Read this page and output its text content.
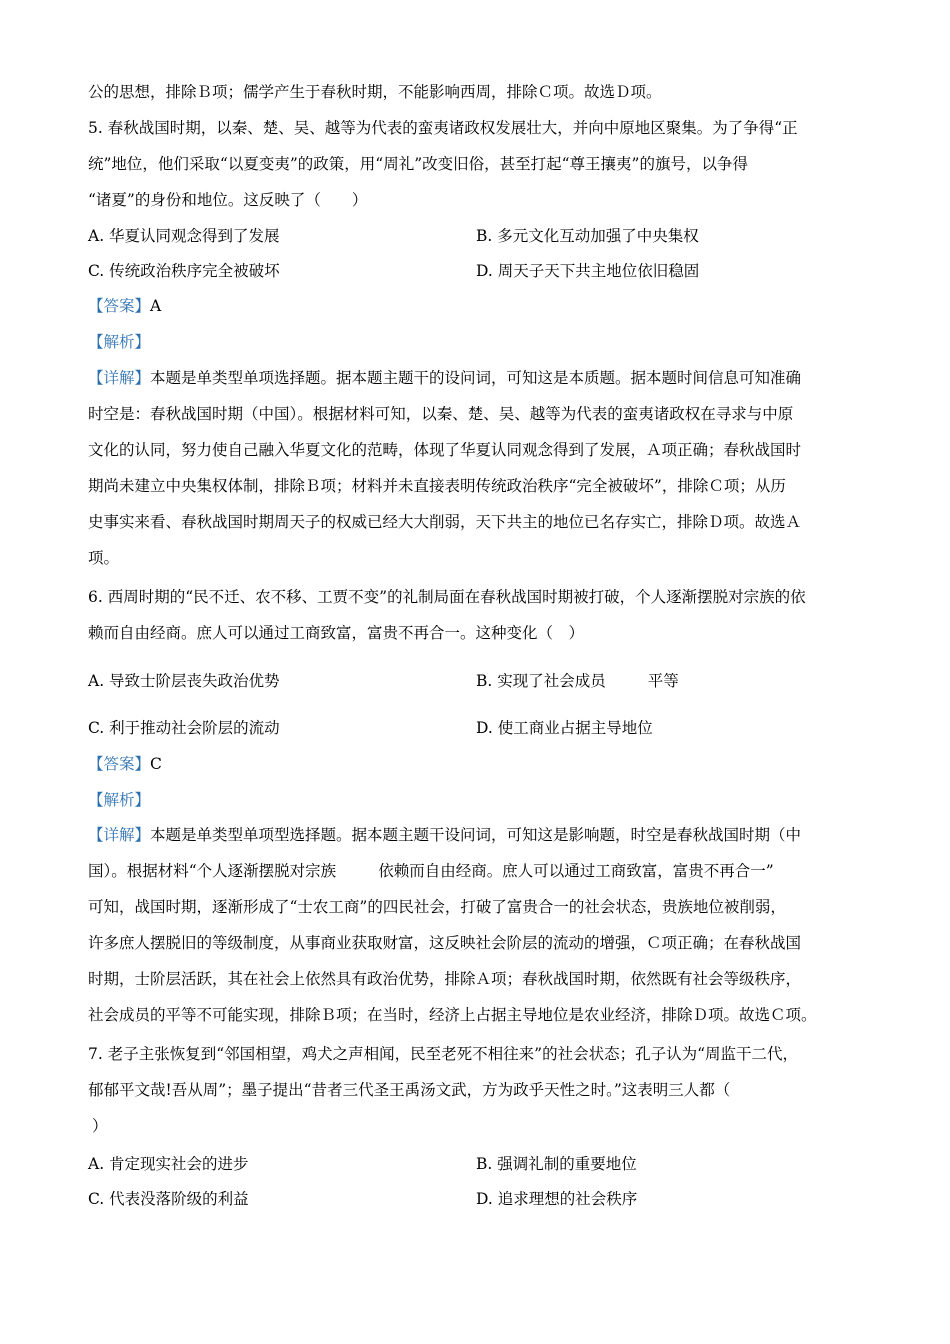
公的思想，排除Ｂ项；儒学产生于春秋时期，不能影响西周，排除Ｃ项。故选Ｄ项。
5. 春秋战国时期，以秦、楚、吴、越等为代表的蛮夷诸政权发展壮大，并向中原地区聚集。为了争得“正
统”地位，他们采取“以夏变夷”的政策，用“周礼”改变旧俗，甚至打起“尊王攘夷”的旗号，以争得
“诸夏”的身份和地位。这反映了（　　）
A. 华夏认同观念得到了发展	B. 多元文化互动加强了中央集权
C. 传统政治秩序完全被破坏	D. 周天子天下共主地位依旧稳固
【答案】A
【解析】
【详解】本题是单类型单项选择题。据本题主题干的设问词，可知这是本质题。据本题时间信息可知准确
时空是：春秋战国时期（中国）。根据材料可知，以秦、楚、吴、越等为代表的蛮夷诸政权在寻求与中原
文化的认同，努力使自己融入华夏文化的范畴，体现了华夏认同观念得到了发展，Ａ项正确；春秋战国时
期尚未建立中央集权体制，排除Ｂ项；材料并未直接表明传统政治秩序“完全被破坏”，排除Ｃ项；从历
史事实来看、春秋战国时期周天子的权威已经大大削弱，天下共主的地位已名存实亡，排除Ｄ项。故选Ａ
项。
6. 西周时期的“民不迁、农不移、工贾不变”的礼制局面在春秋战国时期被打破，个人逐渐摆脱对宗族的依
赖而自由经商。庶人可以通过工商致富，富贵不再合一。这种变化（　）
A. 导致士阶层丧失政治优势	B. 实现了社会成员	平等
C. 利于推动社会阶层的流动	D. 使工商业占据主导地位
【答案】C
【解析】
【详解】本题是单类型单项型选择题。据本题主题干设问词，可知这是影响题，时空是春秋战国时期（中
国）。根据材料“个人逐渐摆脱对宗族	依赖而自由经商。庶人可以通过工商致富，富贵不再合一”
可知，战国时期，逐渐形成了“士农工商”的四民社会，打破了富贵合一的社会状态，贵族地位被削弱，
许多庶人摆脱旧的等级制度，从事商业获取财富，这反映社会阶层的流动的增强，Ｃ项正确；在春秋战国
时期，士阶层活跃，其在社会上依然具有政治优势，排除Ａ项；春秋战国时期，依然既有社会等级秩序，
社会成员的平等不可能实现，排除Ｂ项；在当时，经济上占据主导地位是农业经济，排除Ｄ项。故选Ｃ项。
7. 老子主张恢复到“邻国相望，鸡犬之声相闻，民至老死不相往来”的社会状态；孔子认为“周监干二代，
郁郁平文哉!吾从周”；墨子提出“昔者三代圣王禹汤文武，方为政乎天性之时。”这表明三人都（
）
A. 肯定现实社会的进步	B. 强调礼制的重要地位
C. 代表没落阶级的利益	D. 追求理想的社会秩序
